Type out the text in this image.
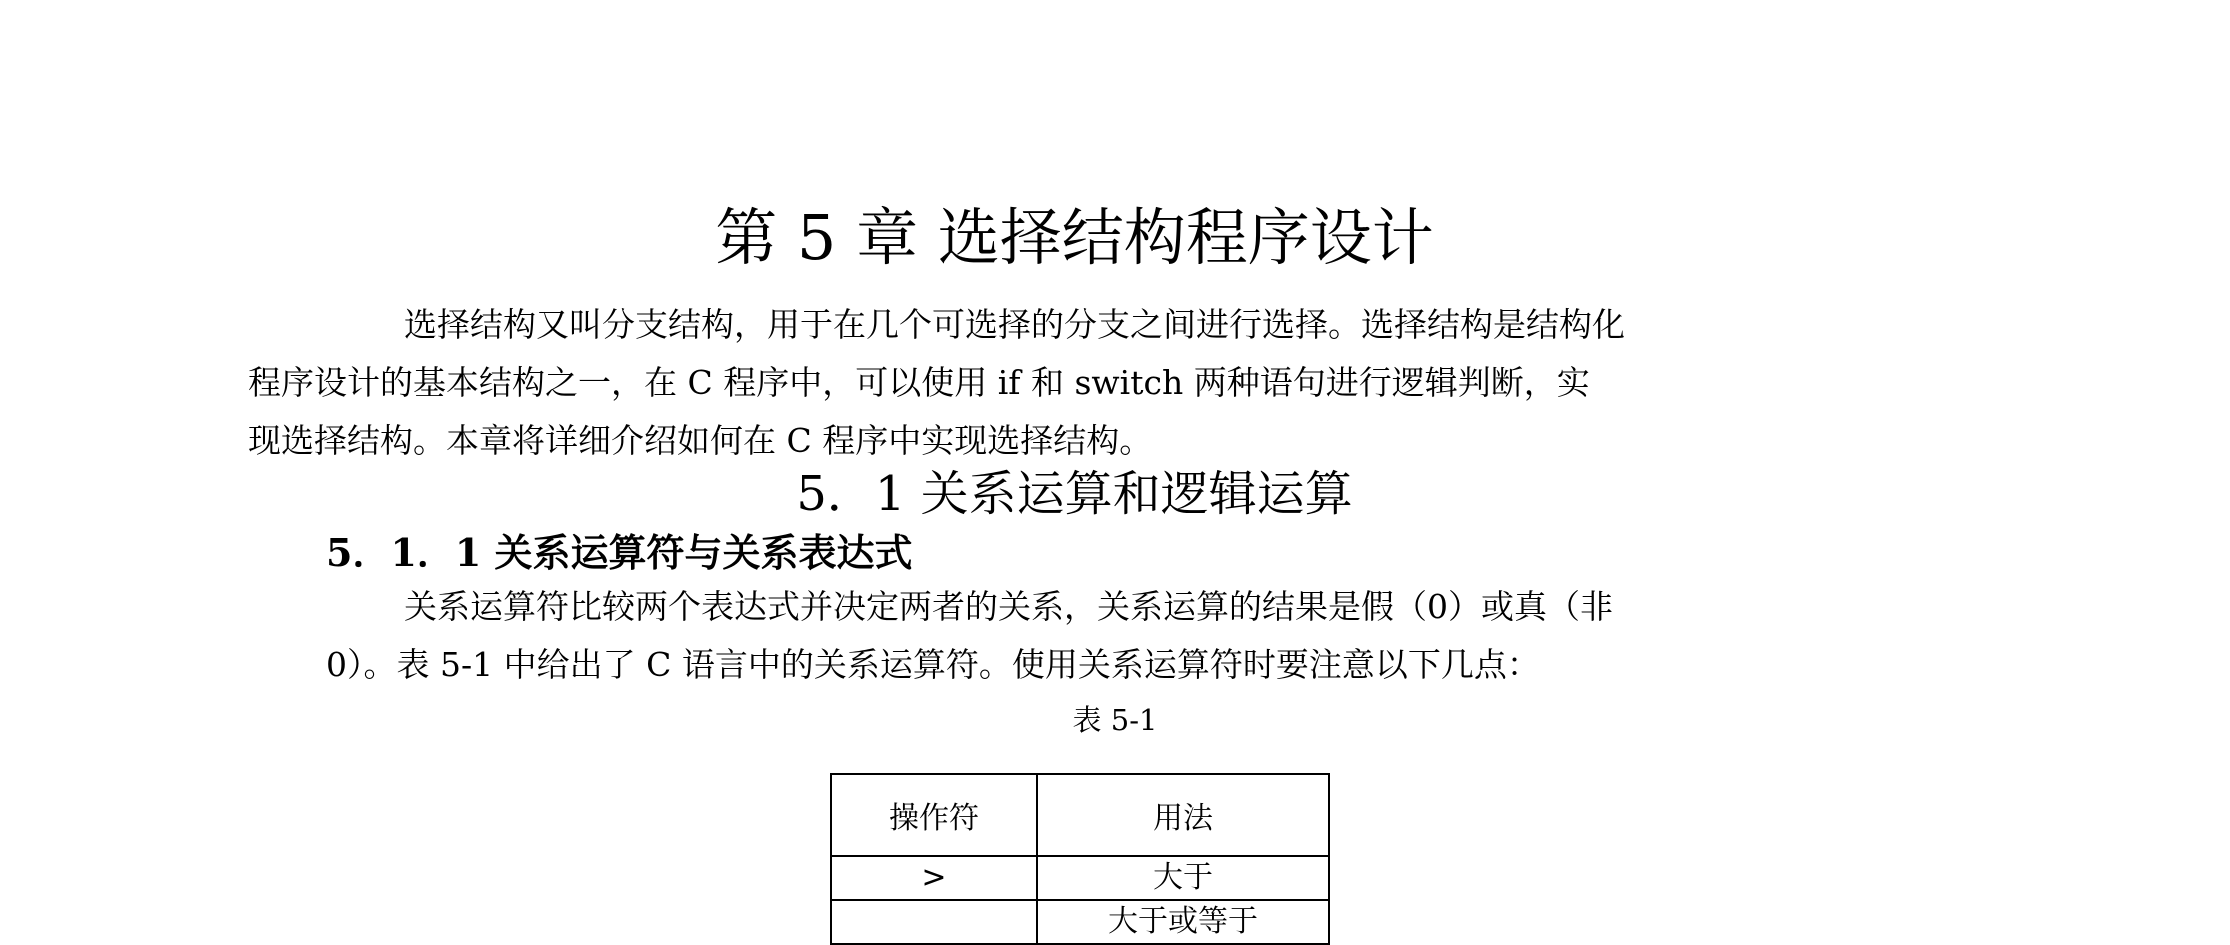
第 5 章 选择结构程序设计
选择结构又叫分支结构，用于在几个可选择的分支之间进行选择。选择结构是结构化
程序设计的基本结构之一，在 C 程序中，可以使用 if 和 switch 两种语句进行逻辑判断，实
现选择结构。本章将详细介绍如何在 C 程序中实现选择结构。
5．1 关系运算和逻辑运算
5．1．1 关系运算符与关系表达式
关系运算符比较两个表达式并决定两者的关系，关系运算的结果是假（0）或真（非
0）。表 5-1 中给出了 C 语言中的关系运算符。使用关系运算符时要注意以下几点：
表 5-1
操作符	用法
>	大于
	大于或等于
